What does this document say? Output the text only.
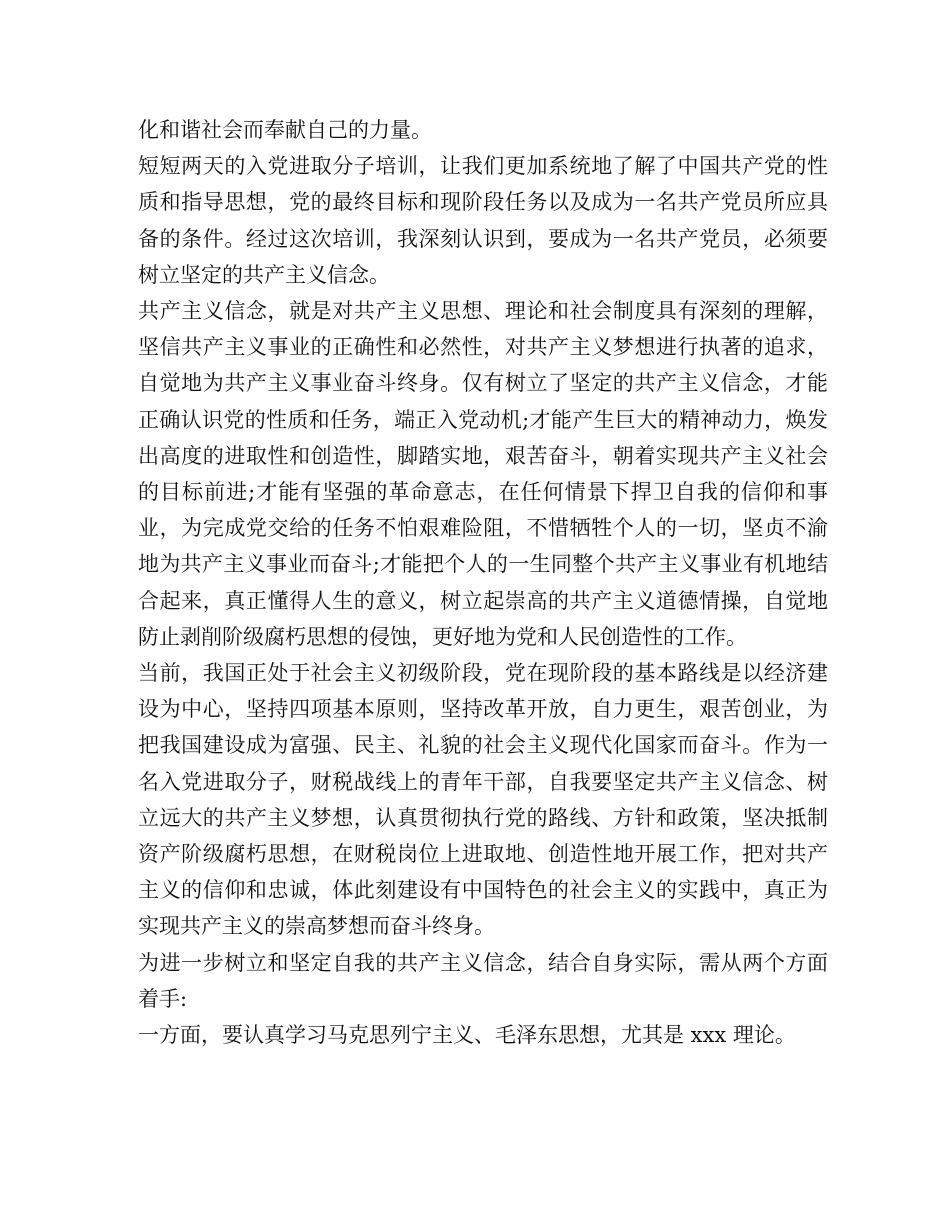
化和谐社会而奉献自己的力量。

短短两天的入党进取分子培训，让我们更加系统地了解了中国共产党的性质和指导思想，党的最终目标和现阶段任务以及成为一名共产党员所应具备的条件。经过这次培训，我深刻认识到，要成为一名共产党员，必须要树立坚定的共产主义信念。

共产主义信念，就是对共产主义思想、理论和社会制度具有深刻的理解，坚信共产主义事业的正确性和必然性，对共产主义梦想进行执著的追求，自觉地为共产主义事业奋斗终身。仅有树立了坚定的共产主义信念，才能正确认识党的性质和任务，端正入党动机;才能产生巨大的精神动力，焕发出高度的进取性和创造性，脚踏实地，艰苦奋斗，朝着实现共产主义社会的目标前进;才能有坚强的革命意志，在任何情景下捍卫自我的信仰和事业，为完成党交给的任务不怕艰难险阻，不惜牺牲个人的一切，坚贞不渝地为共产主义事业而奋斗;才能把个人的一生同整个共产主义事业有机地结合起来，真正懂得人生的意义，树立起崇高的共产主义道德情操，自觉地防止剥削阶级腐朽思想的侵蚀，更好地为党和人民创造性的工作。

当前，我国正处于社会主义初级阶段，党在现阶段的基本路线是以经济建设为中心，坚持四项基本原则，坚持改革开放，自力更生，艰苦创业，为把我国建设成为富强、民主、礼貌的社会主义现代化国家而奋斗。作为一名入党进取分子，财税战线上的青年干部，自我要坚定共产主义信念、树立远大的共产主义梦想，认真贯彻执行党的路线、方针和政策，坚决抵制资产阶级腐朽思想，在财税岗位上进取地、创造性地开展工作，把对共产主义的信仰和忠诚，体此刻建设有中国特色的社会主义的实践中，真正为实现共产主义的崇高梦想而奋斗终身。

为进一步树立和坚定自我的共产主义信念，结合自身实际，需从两个方面着手:

一方面，要认真学习马克思列宁主义、毛泽东思想，尤其是 xxx 理论。
